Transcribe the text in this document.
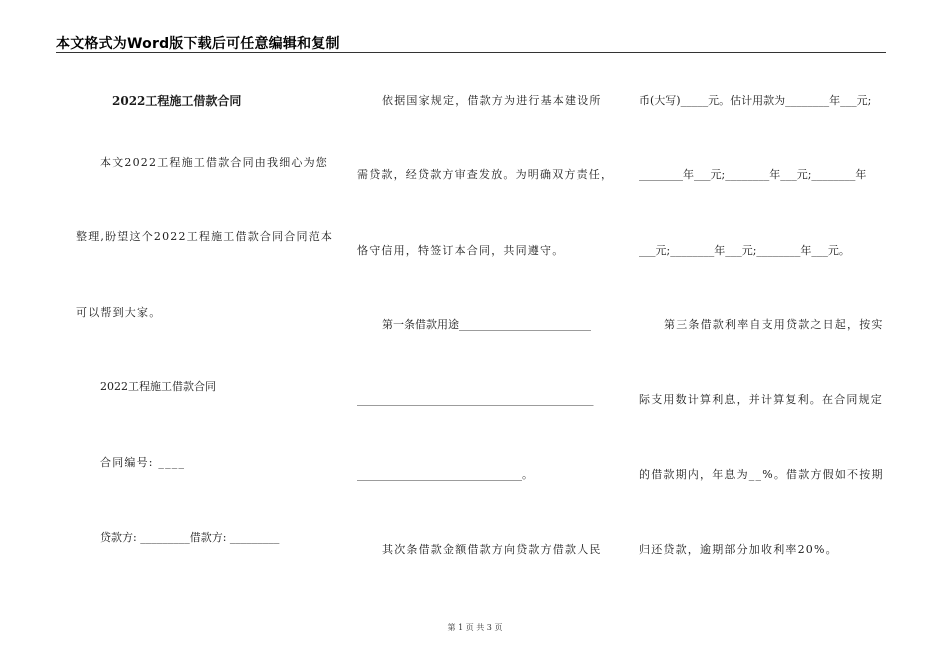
本文格式为Word版下载后可任意编辑和复制
2022工程施工借款合同
本文2022工程施工借款合同由我细心为您
整理,盼望这个2022工程施工借款合同合同范本
可以帮到大家。
2022工程施工借款合同
合同编号: ____
贷款方: _________借款方: _________
依据国家规定，借款方为进行基本建设所
需贷款，经贷款方审查发放。为明确双方责任，
恪守信用，特签订本合同，共同遵守。
第一条借款用途________________________
___________________________________________
______________________________。
其次条借款金额借款方向贷款方借款人民
币(大写)_____元。估计用款为________年___元;
________年___元;________年___元;________年
___元;________年___元;________年___元。
第三条借款利率自支用贷款之日起，按实
际支用数计算利息，并计算复利。在合同规定
的借款期内，年息为__%。借款方假如不按期
归还贷款，逾期部分加收利率20%。
第 1 页 共 3 页
